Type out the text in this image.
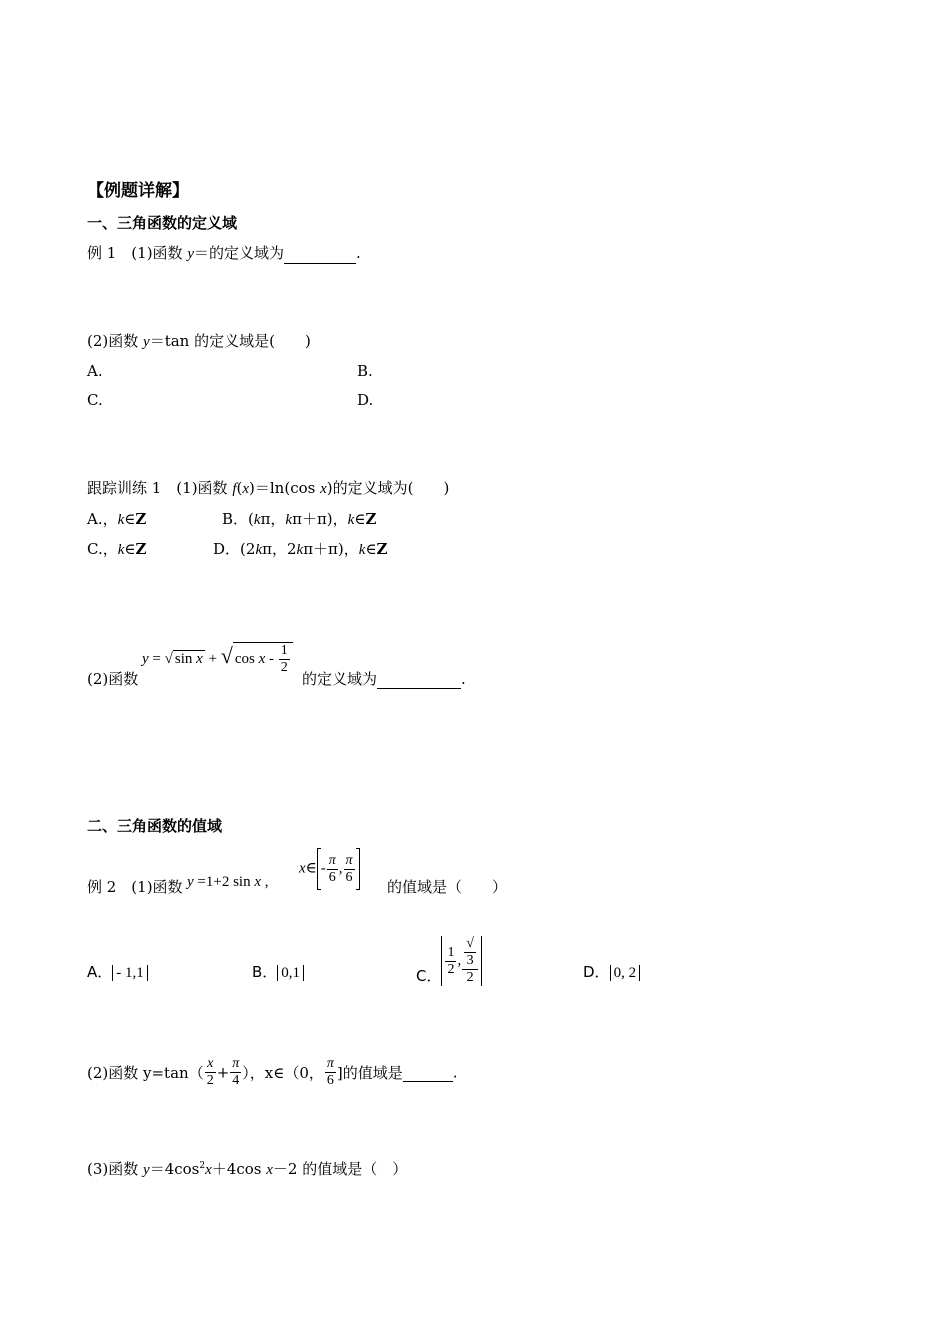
【例题详解】
一、三角函数的定义域
例 1　(1)函数 y＝的定义域为	.
(2)函数 y＝tan 的定义域是(　　)
A.	B.
C.	D.
跟踪训练 1　(1)函数 f(x)＝ln(cos x)的定义域为(　　)
A.，k∈Z	B．(kπ，kπ＋π)，k∈Z
C.，k∈Z	D．(2kπ，2kπ＋π)，k∈Z
(2)函数
y = √ sin x + √ cos x - $\frac{1}{2}$
的定义域为	.
二、三角函数的值域
例 2　(1)函数 y =1+2 sin x ,
x∈ - $\frac{\pi}{6}$ , $\frac{\pi}{6}$
的值域是（　　）
A． - 1,1	B． 0,1	C． $\frac{1}{2}$ , √
3
2	D． 0, 2
(2)函数 $y=\tan( \frac{x}{2} + \frac{\pi}{4}$ ），x∈（0， $\frac{\pi}{6}$ ]的值域是	.
(3)函数 $y=4\cos^2x+4\cos$ x－2 的值域是（　）
